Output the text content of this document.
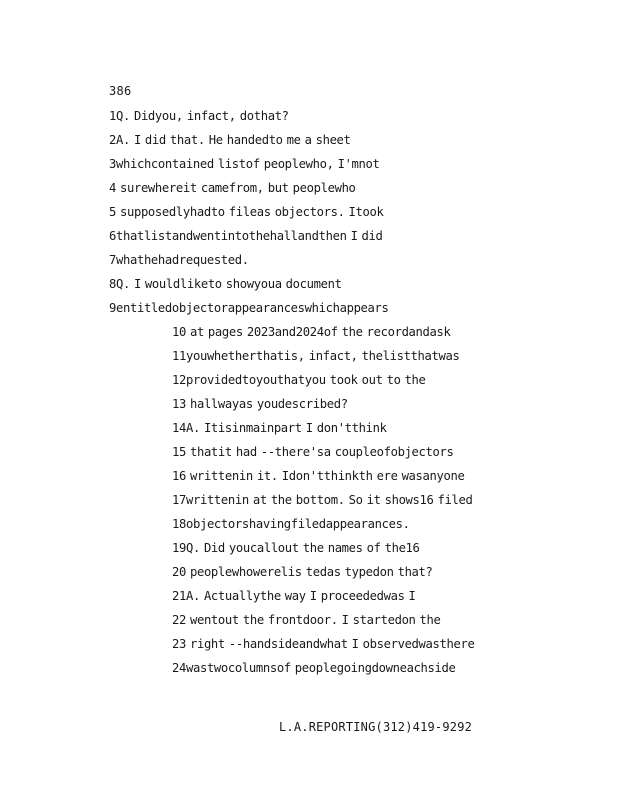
386
1Q. Didyou, infact, dothat?
2A. I did that. He handedto me a sheet
3whichcontained listof peoplewho, I'mnot
4 surewhereit camefrom, but peoplewho
5 supposedlyhadto fileas objectors. Itook
6thatlistandwentintothehallandthen I did
7whathehadrequested.
8Q. I wouldliketo showyoua document
9entitledobjectorappearanceswhichappears
10 at pages 2023and2024of the recordandask
11youwhetherthatis, infact, thelistthatwas
12providedtoyouthatyou took out to the
13 hallwayas youdescribed?
14A. Itisinmainpart I don'tthink
15 thatit had --there'sa coupleofobjectors
16 writtenin it. Idon'tthinkth ere wasanyone
17writtenin at the bottom. So it shows16 filed
18objectorshavingfiledappearances.
19Q. Did youcallout the names of the16
20 peoplewhowerelis tedas typedon that?
21A. Actuallythe way I proceededwas I
22 wentout the frontdoor. I startedon the
23 right --handsideandwhat I observedwasthere
24wastwocolumnsof peoplegoingdowneachside
L.A.REPORTING(312)419-9292
